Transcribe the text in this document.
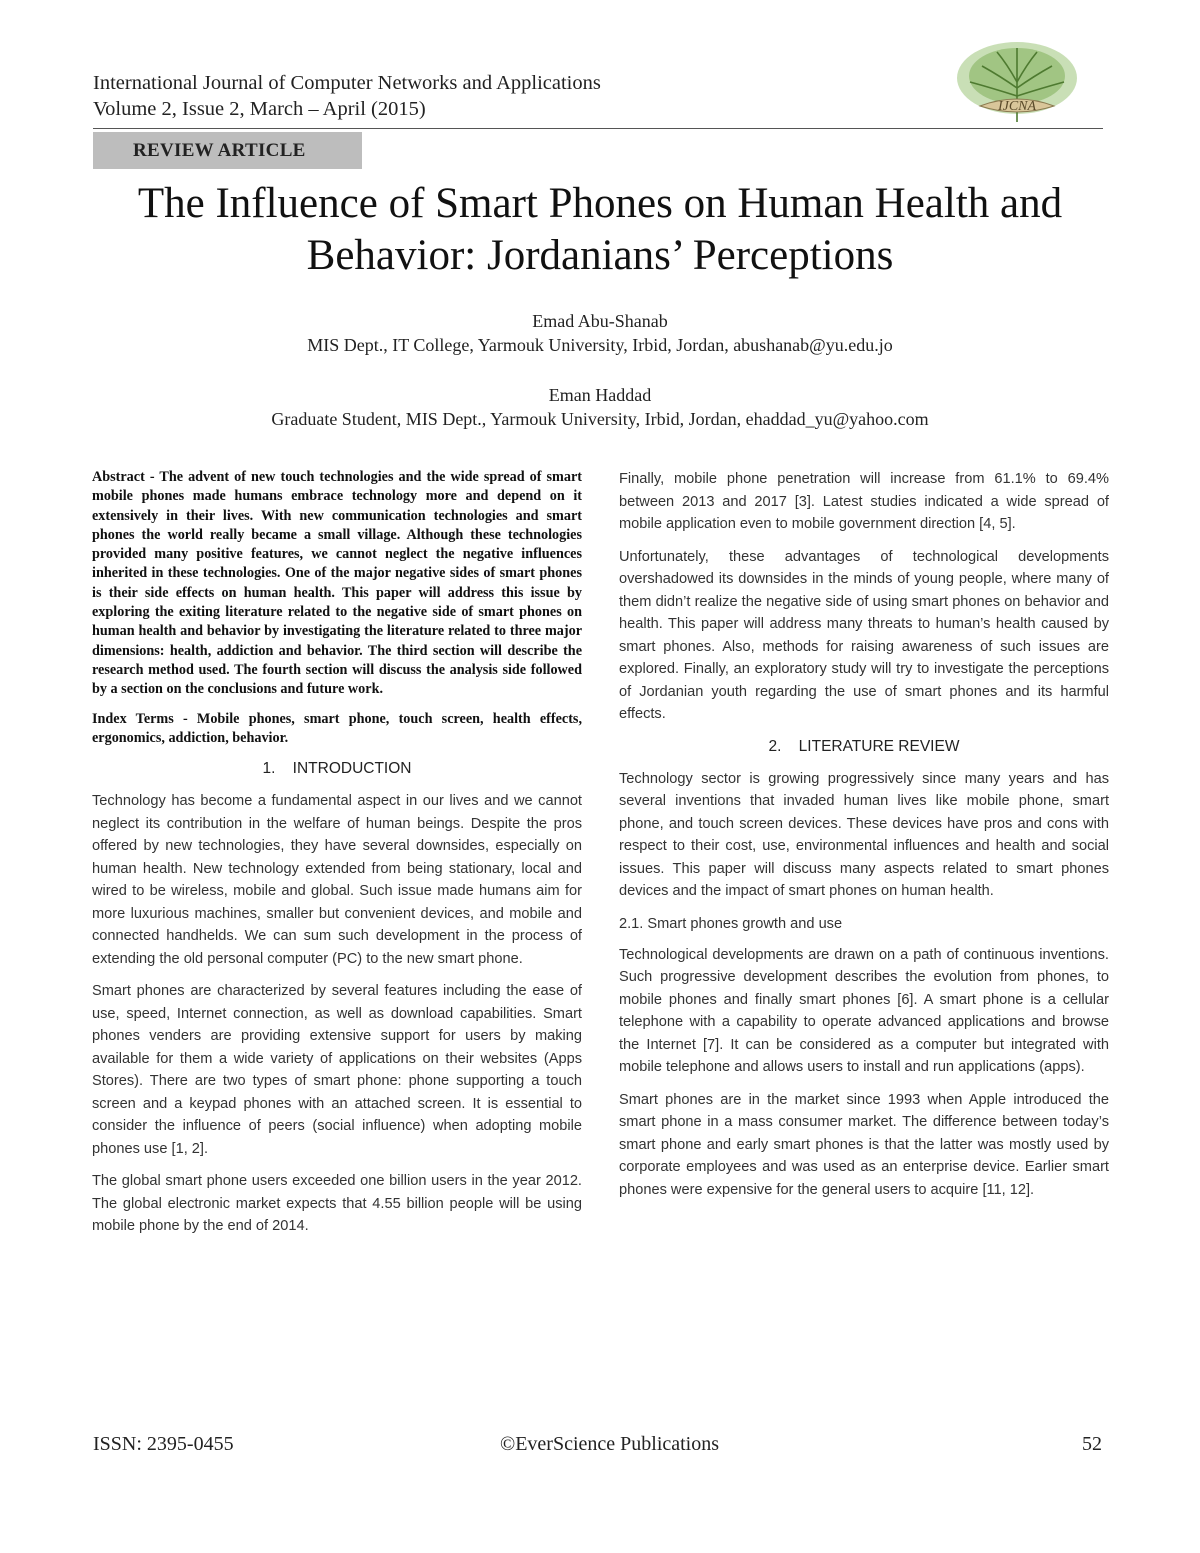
International Journal of Computer Networks and Applications
Volume 2, Issue 2, March – April (2015)	IJCNA
REVIEW ARTICLE
The Influence of Smart Phones on Human Health and
Behavior: Jordanians’ Perceptions
Emad Abu-Shanab
MIS Dept., IT College, Yarmouk University, Irbid, Jordan, abushanab@yu.edu.jo
Eman Haddad
Graduate Student, MIS Dept., Yarmouk University, Irbid, Jordan, ehaddad_yu@yahoo.com

Abstract - The advent of new touch technologies and the wide spread of smart mobile phones made humans embrace technology more and depend on it extensively in their lives. With new communication technologies and smart phones the world really became a small village. Although these technologies provided many positive features, we cannot neglect the negative influences inherited in these technologies. One of the major negative sides of smart phones is their side effects on human health. This paper will address this issue by exploring the exiting literature related to the negative side of smart phones on human health and behavior by investigating the literature related to three major dimensions: health, addiction and behavior. The third section will describe the research method used. The fourth section will discuss the analysis side followed by a section on the conclusions and future work.

Index Terms - Mobile phones, smart phone, touch screen, health effects, ergonomics, addiction, behavior.

1.    INTRODUCTION

Technology has become a fundamental aspect in our lives and we cannot neglect its contribution in the welfare of human beings. Despite the pros offered by new technologies, they have several downsides, especially on human health. New technology extended from being stationary, local and wired to be wireless, mobile and global. Such issue made humans aim for more luxurious machines, smaller but convenient devices, and mobile and connected handhelds. We can sum such development in the process of extending the old personal computer (PC) to the new smart phone.

Smart phones are characterized by several features including the ease of use, speed, Internet connection, as well as download capabilities. Smart phones venders are providing extensive support for users by making available for them a wide variety of applications on their websites (Apps Stores). There are two types of smart phone: phone supporting a touch screen and a keypad phones with an attached screen. It is essential to consider the influence of peers (social influence) when adopting mobile phones use [1, 2].

The global smart phone users exceeded one billion users in the year 2012. The global electronic market expects that 4.55 billion people will be using mobile phone by the end of 2014.

Finally, mobile phone penetration will increase from 61.1% to 69.4% between 2013 and 2017 [3]. Latest studies indicated a wide spread of mobile application even to mobile government direction [4, 5].

Unfortunately, these advantages of technological developments overshadowed its downsides in the minds of young people, where many of them didn’t realize the negative side of using smart phones on behavior and health. This paper will address many threats to human’s health caused by smart phones. Also, methods for raising awareness of such issues are explored. Finally, an exploratory study will try to investigate the perceptions of Jordanian youth regarding the use of smart phones and its harmful effects.

2.    LITERATURE REVIEW

Technology sector is growing progressively since many years and has several inventions that invaded human lives like mobile phone, smart phone, and touch screen devices. These devices have pros and cons with respect to their cost, use, environmental influences and health and social issues. This paper will discuss many aspects related to smart phones devices and the impact of smart phones on human health.

2.1. Smart phones growth and use

Technological developments are drawn on a path of continuous inventions. Such progressive development describes the evolution from phones, to mobile phones and finally smart phones [6]. A smart phone is a cellular telephone with a capability to operate advanced applications and browse the Internet [7]. It can be considered as a computer but integrated with mobile telephone and allows users to install and run applications (apps).

Smart phones are in the market since 1993 when Apple introduced the smart phone in a mass consumer market. The difference between today’s smart phone and early smart phones is that the latter was mostly used by corporate employees and was used as an enterprise device. Earlier smart phones were expensive for the general users to acquire [11, 12].

ISSN: 2395-0455	©EverScience Publications	52
